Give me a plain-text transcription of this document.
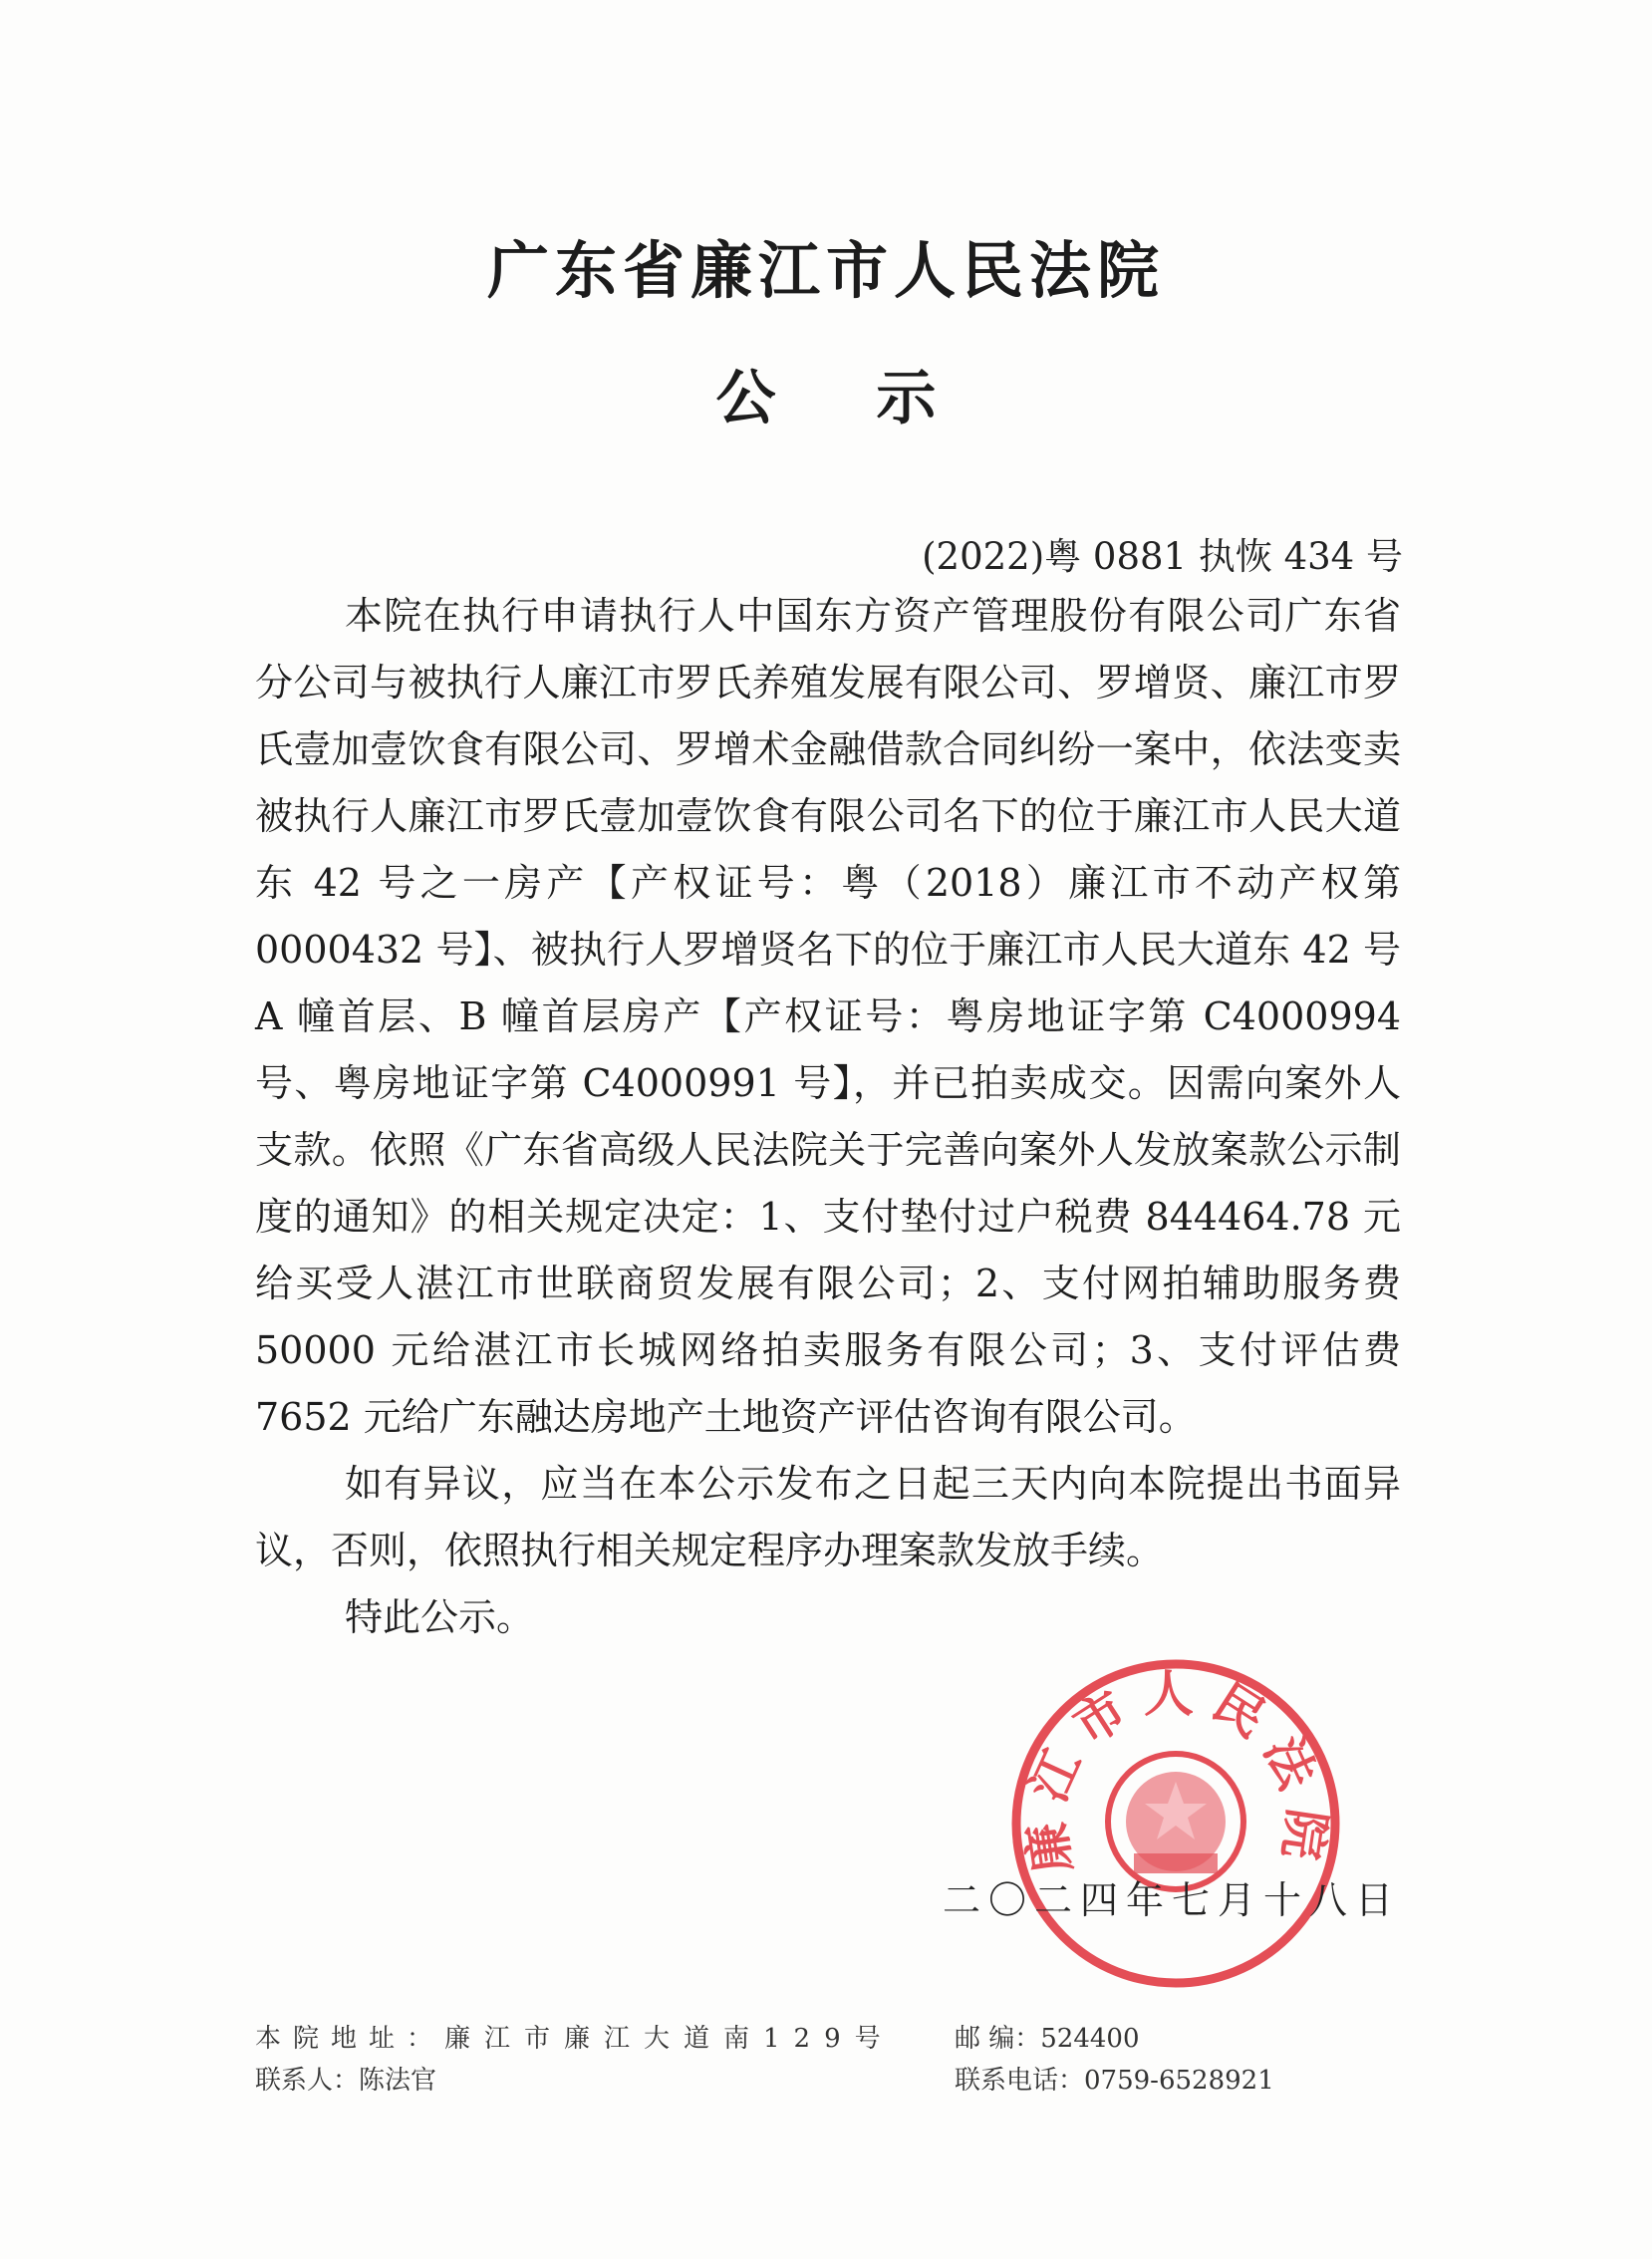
广东省廉江市人民法院
公 示
(2022)粤 0881 执恢 434 号

本院在执行申请执行人中国东方资产管理股份有限公司广东省分公司与被执行人廉江市罗氏养殖发展有限公司、罗增贤、廉江市罗氏壹加壹饮食有限公司、罗增术金融借款合同纠纷一案中，依法变卖被执行人廉江市罗氏壹加壹饮食有限公司名下的位于廉江市人民大道东 42 号之一房产【产权证号：粤（2018）廉江市不动产权第 0000432 号】、被执行人罗增贤名下的位于廉江市人民大道东 42 号 A 幢首层、B 幢首层房产【产权证号：粤房地证字第 C4000994 号、粤房地证字第 C4000991 号】，并已拍卖成交。因需向案外人支款。依照《广东省高级人民法院关于完善向案外人发放案款公示制度的通知》的相关规定决定：1、支付垫付过户税费 844464.78 元给买受人湛江市世联商贸发展有限公司；2、支付网拍辅助服务费 50000 元给湛江市长城网络拍卖服务有限公司；3、支付评估费 7652 元给广东融达房地产土地资产评估咨询有限公司。

如有异议，应当在本公示发布之日起三天内向本院提出书面异议，否则，依照执行相关规定程序办理案款发放手续。

特此公示。

廉江市人民法院
二〇二四年七月十八日
本院地址：廉江市廉江大道南129号
联系人：陈法官
邮 编：524400
联系电话：0759-6528921
